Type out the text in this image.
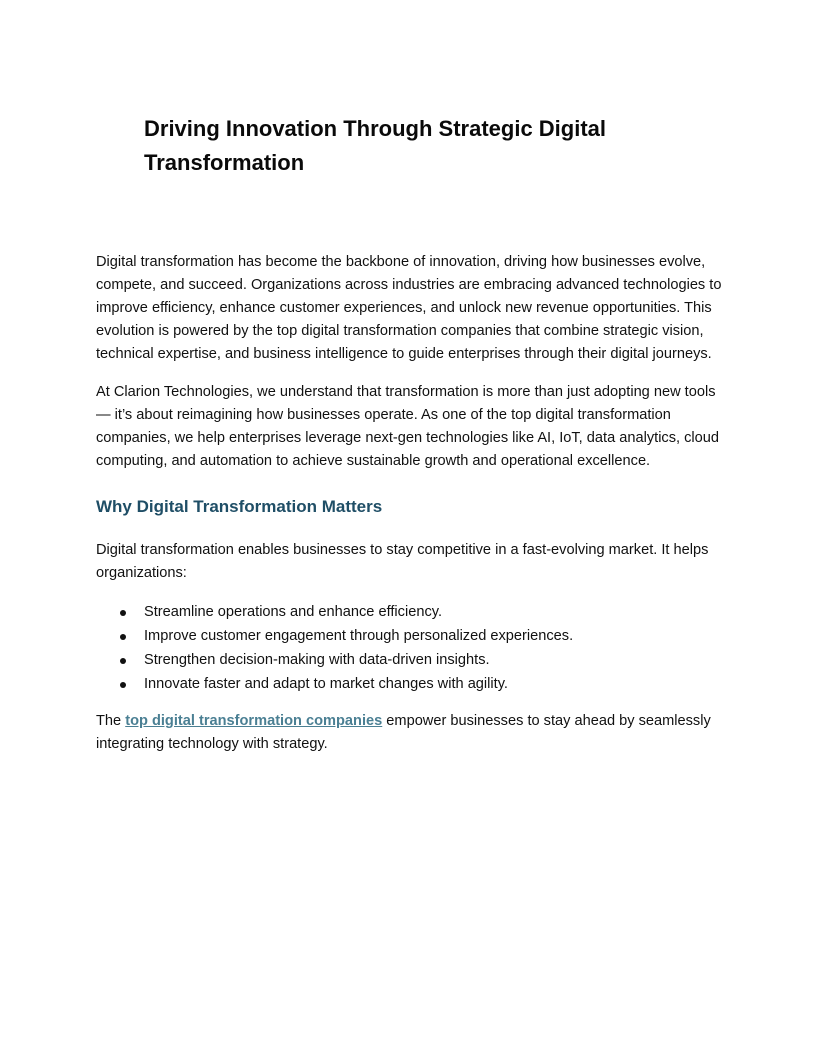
Driving Innovation Through Strategic Digital Transformation

Digital transformation has become the backbone of innovation, driving how businesses evolve, compete, and succeed. Organizations across industries are embracing advanced technologies to improve efficiency, enhance customer experiences, and unlock new revenue opportunities. This evolution is powered by the top digital transformation companies that combine strategic vision, technical expertise, and business intelligence to guide enterprises through their digital journeys.

At Clarion Technologies, we understand that transformation is more than just adopting new tools — it’s about reimagining how businesses operate. As one of the top digital transformation companies, we help enterprises leverage next-gen technologies like AI, IoT, data analytics, cloud computing, and automation to achieve sustainable growth and operational excellence.

Why Digital Transformation Matters

Digital transformation enables businesses to stay competitive in a fast-evolving market. It helps organizations:

Streamline operations and enhance efficiency.
Improve customer engagement through personalized experiences.
Strengthen decision-making with data-driven insights.
Innovate faster and adapt to market changes with agility.

The top digital transformation companies empower businesses to stay ahead by seamlessly integrating technology with strategy.
